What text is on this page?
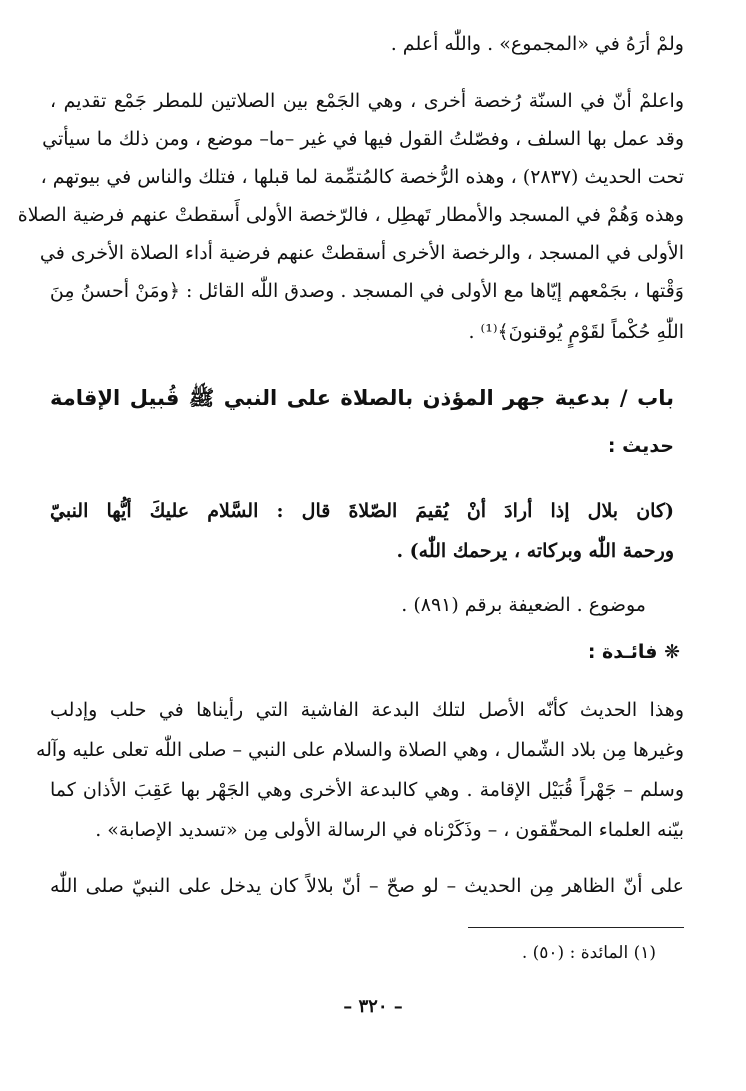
ولمْ أرَهُ في «المجموع» . واللّٰه أعلم .
واعلمْ أنّ في السنّة رُخصة أخرى ، وهي الجَمْع بين الصلاتين للمطر جَمْع تقديم ،
وقد عمل بها السلف ، وفصّلتُ القول فيها في غير –ما– موضع ، ومن ذلك ما سيأتي
تحت الحديث (٢٨٣٧) ، وهذه الرُّخصة كالمُتمِّمة لما قبلها ، فتلك والناس في بيوتهم ،
وهذه وَهُمْ في المسجد والأمطار تَهطِل ، فالرّخصة الأولى أَسقطتْ عنهم فرضية الصلاة
الأولى في المسجد ، والرخصة الأخرى أسقطتْ عنهم فرضية أداء الصلاة الأخرى في
وَقْتها ، بجَمْعهم إيّاها مع الأولى في المسجد . وصدق اللّٰه القائل : ﴿ومَنْ أحسنُ مِنَ
اللّٰهِ حُكْماً لقَوْمٍ يُوقنونَ﴾⁽¹⁾ .
باب / بدعية جهر المؤذن بالصلاة على النبي ﷺ قُبيل الإقامة
حديث :
(كان بلال إذا أرادَ أنْ يُقيمَ الصّلاةَ قال : السَّلام عليكَ أيُّها النبيّ
ورحمة اللّٰه وبركاته ، يرحمك اللّٰه) .
موضوع . الضعيفة برقم (٨٩١) .
❋ فائـدة :
وهذا الحديث كأنّه الأصل لتلك البدعة الفاشية التي رأيناها في حلب وإدلب
وغيرها مِن بلاد الشّمال ، وهي الصلاة والسلام على النبي – صلى اللّٰه تعلى عليه وآله
وسلم – جَهْراً قُبَيْل الإقامة . وهي كالبدعة الأخرى وهي الجَهْر بها عَقِبَ الأذان كما
بيّنه العلماء المحقّقون ، – وذَكَرْناه في الرسالة الأولى مِن «تسديد الإصابة» .
على أنّ الظاهر مِن الحديث – لو صحّ – أنّ بلالاً كان يدخل على النبيّ صلى اللّٰه
(١) المائدة : (٥٠) .
– ٣٢٠ –
